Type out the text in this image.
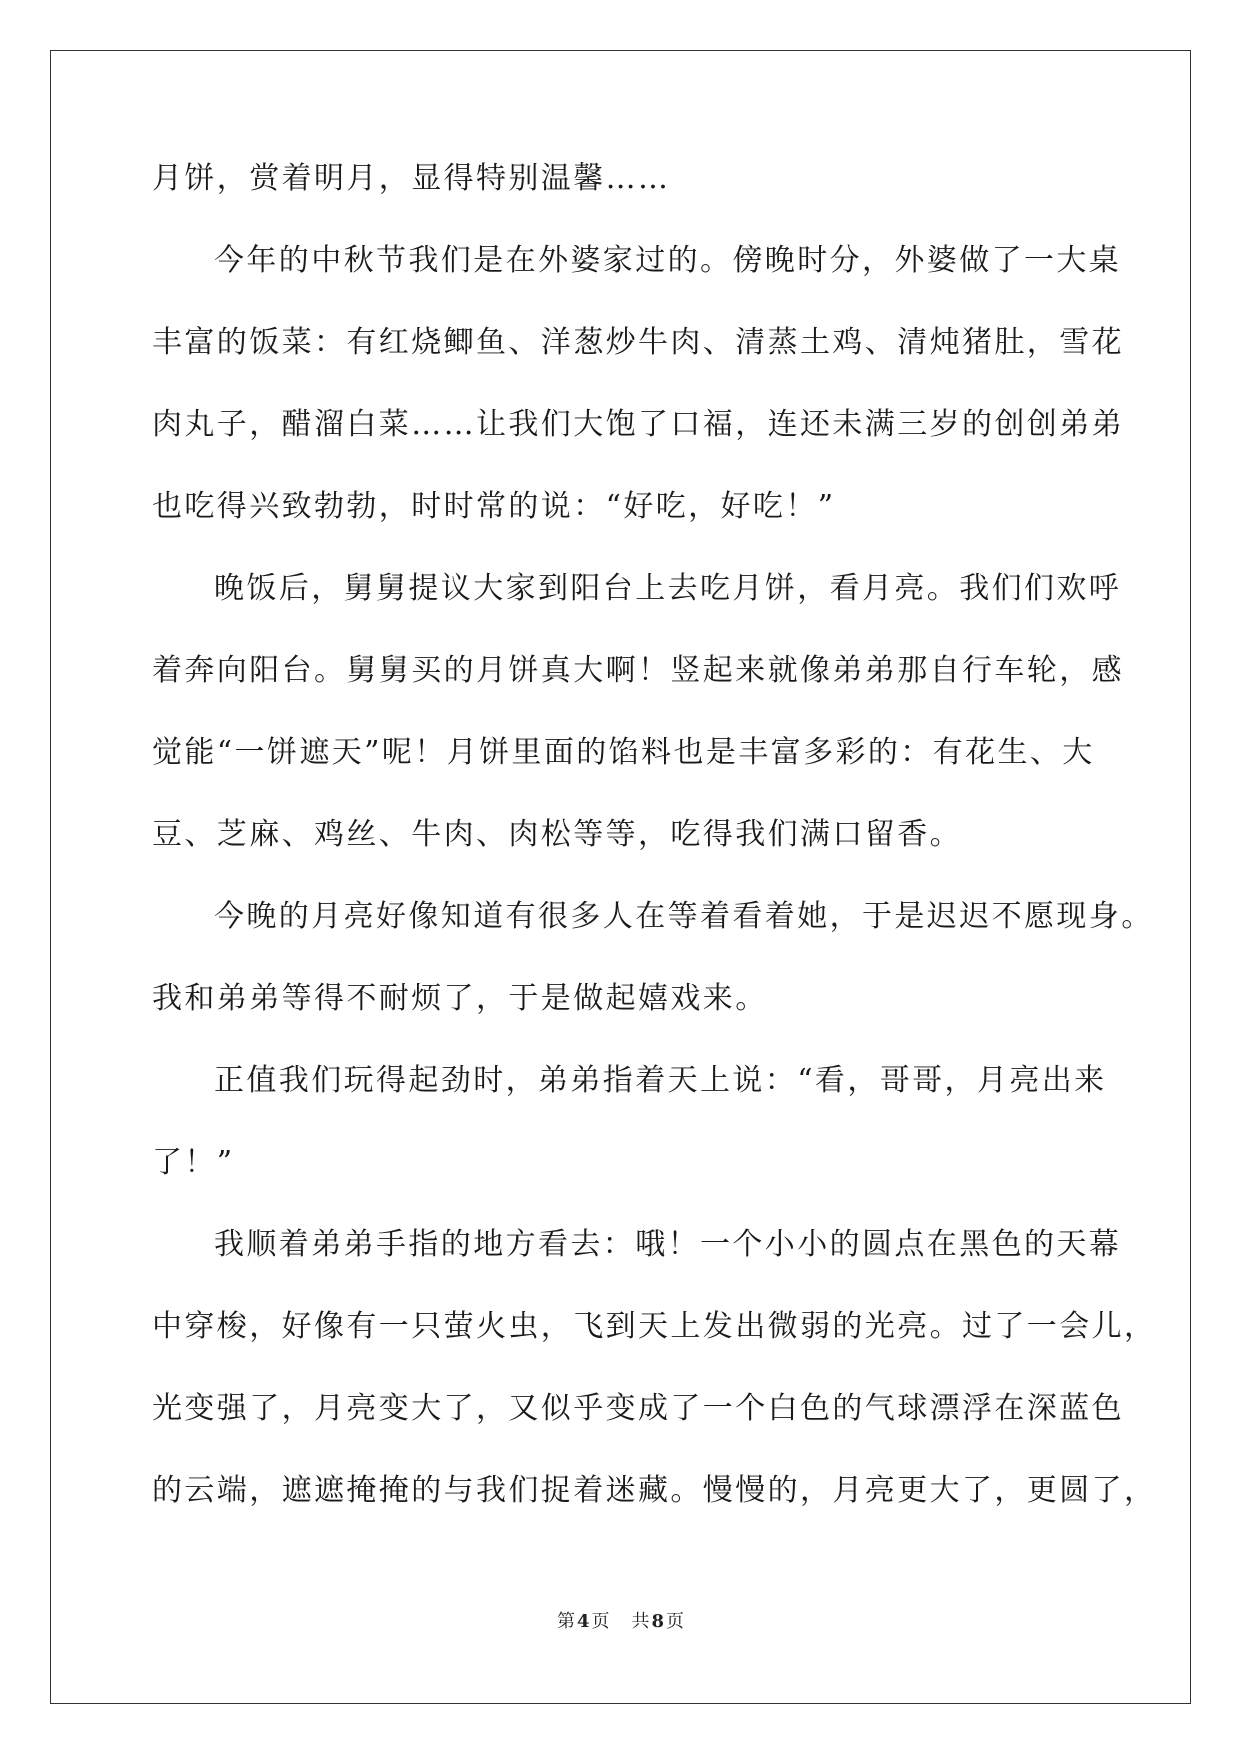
月饼，赏着明月，显得特别温馨……
今年的中秋节我们是在外婆家过的。傍晚时分，外婆做了一大桌
丰富的饭菜：有红烧鲫鱼、洋葱炒牛肉、清蒸土鸡、清炖猪肚，雪花
肉丸子，醋溜白菜……让我们大饱了口福，连还未满三岁的创创弟弟
也吃得兴致勃勃，时时常的说：“好吃，好吃！”
晚饭后，舅舅提议大家到阳台上去吃月饼，看月亮。我们们欢呼
着奔向阳台。舅舅买的月饼真大啊！竖起来就像弟弟那自行车轮，感
觉能“一饼遮天”呢！月饼里面的馅料也是丰富多彩的：有花生、大
豆、芝麻、鸡丝、牛肉、肉松等等，吃得我们满口留香。
今晚的月亮好像知道有很多人在等着看着她，于是迟迟不愿现身。
我和弟弟等得不耐烦了，于是做起嬉戏来。
正值我们玩得起劲时，弟弟指着天上说：“看，哥哥，月亮出来
了！”
我顺着弟弟手指的地方看去：哦！一个小小的圆点在黑色的天幕
中穿梭，好像有一只萤火虫，飞到天上发出微弱的光亮。过了一会儿，
光变强了，月亮变大了，又似乎变成了一个白色的气球漂浮在深蓝色
的云端，遮遮掩掩的与我们捉着迷藏。慢慢的，月亮更大了，更圆了，
第 4 页 共 8 页
